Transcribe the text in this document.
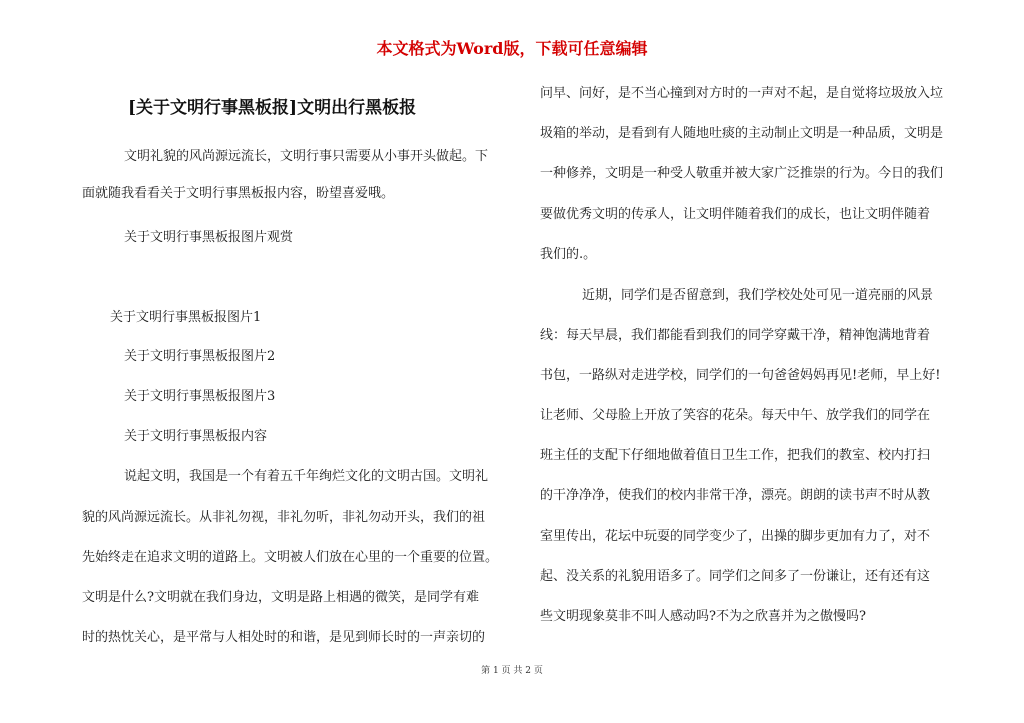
本文格式为Word版，下载可任意编辑
[关于文明行事黑板报]文明出行黑板报
文明礼貌的风尚源远流长，文明行事只需要从小事开头做起。下
面就随我看看关于文明行事黑板报内容，盼望喜爱哦。
关于文明行事黑板报图片观赏
关于文明行事黑板报图片1
关于文明行事黑板报图片2
关于文明行事黑板报图片3
关于文明行事黑板报内容
说起文明，我国是一个有着五千年绚烂文化的文明古国。文明礼
貌的风尚源远流长。从非礼勿视，非礼勿听，非礼勿动开头，我们的祖
先始终走在追求文明的道路上。文明被人们放在心里的一个重要的位置。
文明是什么?文明就在我们身边，文明是路上相遇的微笑，是同学有难
时的热忱关心，是平常与人相处时的和谐，是见到师长时的一声亲切的
问早、问好，是不当心撞到对方时的一声对不起，是自觉将垃圾放入垃
圾箱的举动，是看到有人随地吐痰的主动制止文明是一种品质，文明是
一种修养，文明是一种受人敬重并被大家广泛推崇的行为。今日的我们
要做优秀文明的传承人，让文明伴随着我们的成长，也让文明伴随着
我们的.。
近期，同学们是否留意到，我们学校处处可见一道亮丽的风景
线：每天早晨，我们都能看到我们的同学穿戴干净，精神饱满地背着
书包，一路纵对走进学校，同学们的一句爸爸妈妈再见!老师，早上好!
让老师、父母脸上开放了笑容的花朵。每天中午、放学我们的同学在
班主任的支配下仔细地做着值日卫生工作，把我们的教室、校内打扫
的干净净净，使我们的校内非常干净，漂亮。朗朗的读书声不时从教
室里传出，花坛中玩耍的同学变少了，出操的脚步更加有力了，对不
起、没关系的礼貌用语多了。同学们之间多了一份谦让，还有还有这
些文明现象莫非不叫人感动吗?不为之欣喜并为之傲慢吗?
第 1 页 共 2 页
